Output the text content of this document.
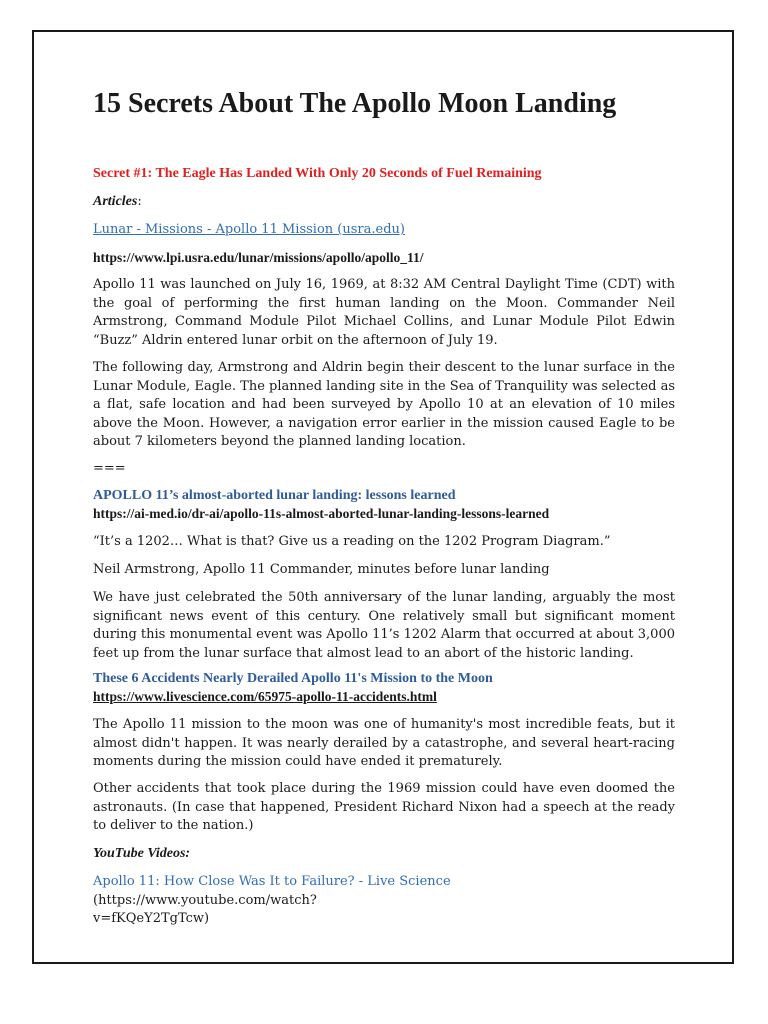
15 Secrets About The Apollo Moon Landing

Secret #1: The Eagle Has Landed With Only 20 Seconds of Fuel Remaining

Articles:

Lunar - Missions - Apollo 11 Mission (usra.edu)

https://www.lpi.usra.edu/lunar/missions/apollo/apollo_11/

Apollo 11 was launched on July 16, 1969, at 8:32 AM Central Daylight Time (CDT) with the goal of performing the first human landing on the Moon. Commander Neil Armstrong, Command Module Pilot Michael Collins, and Lunar Module Pilot Edwin “Buzz” Aldrin entered lunar orbit on the afternoon of July 19.

The following day, Armstrong and Aldrin begin their descent to the lunar surface in the Lunar Module, Eagle. The planned landing site in the Sea of Tranquility was selected as a flat, safe location and had been surveyed by Apollo 10 at an elevation of 10 miles above the Moon. However, a navigation error earlier in the mission caused Eagle to be about 7 kilometers beyond the planned landing location.

===

APOLLO 11’s almost-aborted lunar landing: lessons learned

https://ai-med.io/dr-ai/apollo-11s-almost-aborted-lunar-landing-lessons-learned

“It’s a 1202… What is that? Give us a reading on the 1202 Program Diagram.”

Neil Armstrong, Apollo 11 Commander, minutes before lunar landing

We have just celebrated the 50th anniversary of the lunar landing, arguably the most significant news event of this century. One relatively small but significant moment during this monumental event was Apollo 11’s 1202 Alarm that occurred at about 3,000 feet up from the lunar surface that almost lead to an abort of the historic landing.

These 6 Accidents Nearly Derailed Apollo 11's Mission to the Moon

https://www.livescience.com/65975-apollo-11-accidents.html

The Apollo 11 mission to the moon was one of humanity's most incredible feats, but it almost didn't happen. It was nearly derailed by a catastrophe, and several heart-racing moments during the mission could have ended it prematurely.

Other accidents that took place during the 1969 mission could have even doomed the astronauts. (In case that happened, President Richard Nixon had a speech at the ready to deliver to the nation.)

YouTube Videos:

Apollo 11: How Close Was It to Failure? - Live Science (https://www.youtube.com/watch?
v=fKQeY2TgTcw)
